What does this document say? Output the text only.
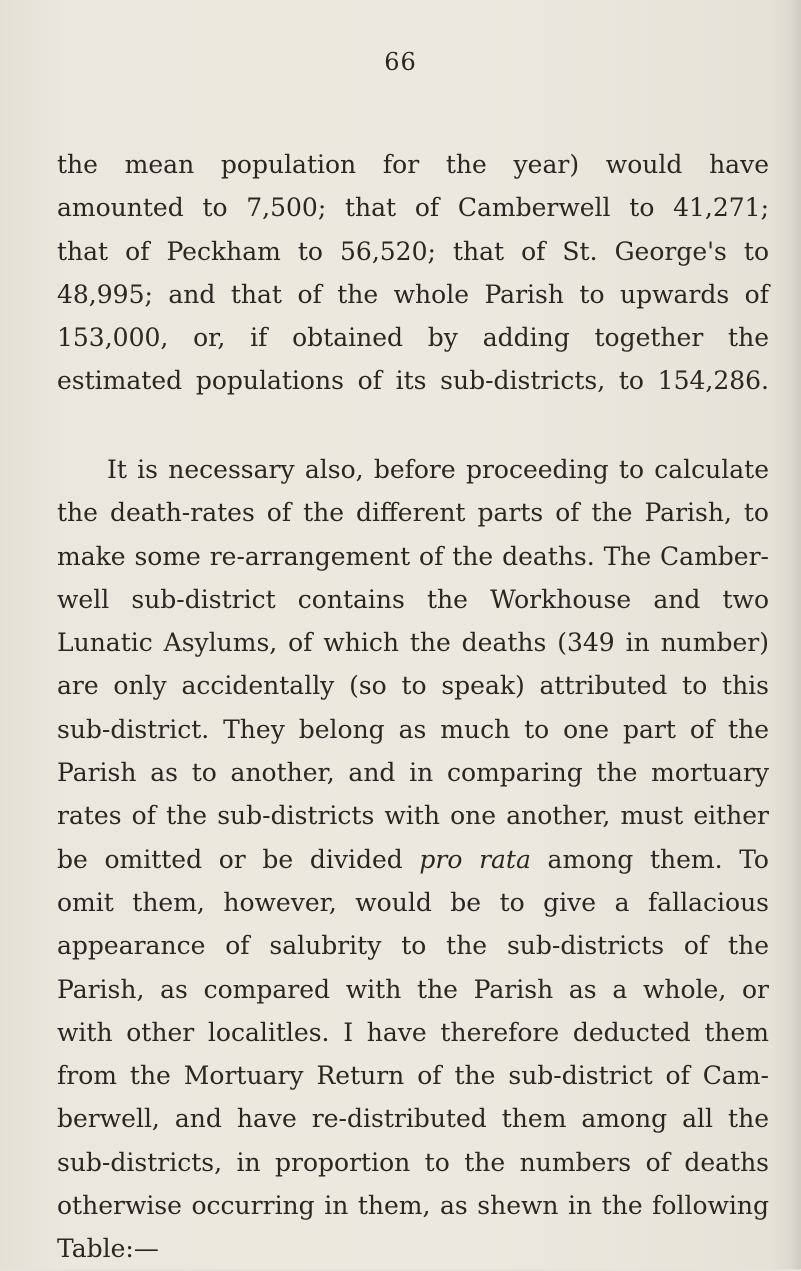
66
the mean population for the year) would have
amounted to 7,500; that of Camberwell to 41,271;
that of Peckham to 56,520; that of St. George's to
48,995; and that of the whole Parish to upwards of
153,000, or, if obtained by adding together the
estimated populations of its sub-districts, to 154,286.
It is necessary also, before proceeding to calculate
the death-rates of the different parts of the Parish, to
make some re-arrangement of the deaths. The Camber-
well sub-district contains the Workhouse and two
Lunatic Asylums, of which the deaths (349 in number)
are only accidentally (so to speak) attributed to this
sub-district. They belong as much to one part of the
Parish as to another, and in comparing the mortuary
rates of the sub-districts with one another, must either
be omitted or be divided pro rata among them. To
omit them, however, would be to give a fallacious
appearance of salubrity to the sub-districts of the
Parish, as compared with the Parish as a whole, or
with other localitles. I have therefore deducted them
from the Mortuary Return of the sub-district of Cam-
berwell, and have re-distributed them among all the
sub-districts, in proportion to the numbers of deaths
otherwise occurring in them, as shewn in the following
Table:—
